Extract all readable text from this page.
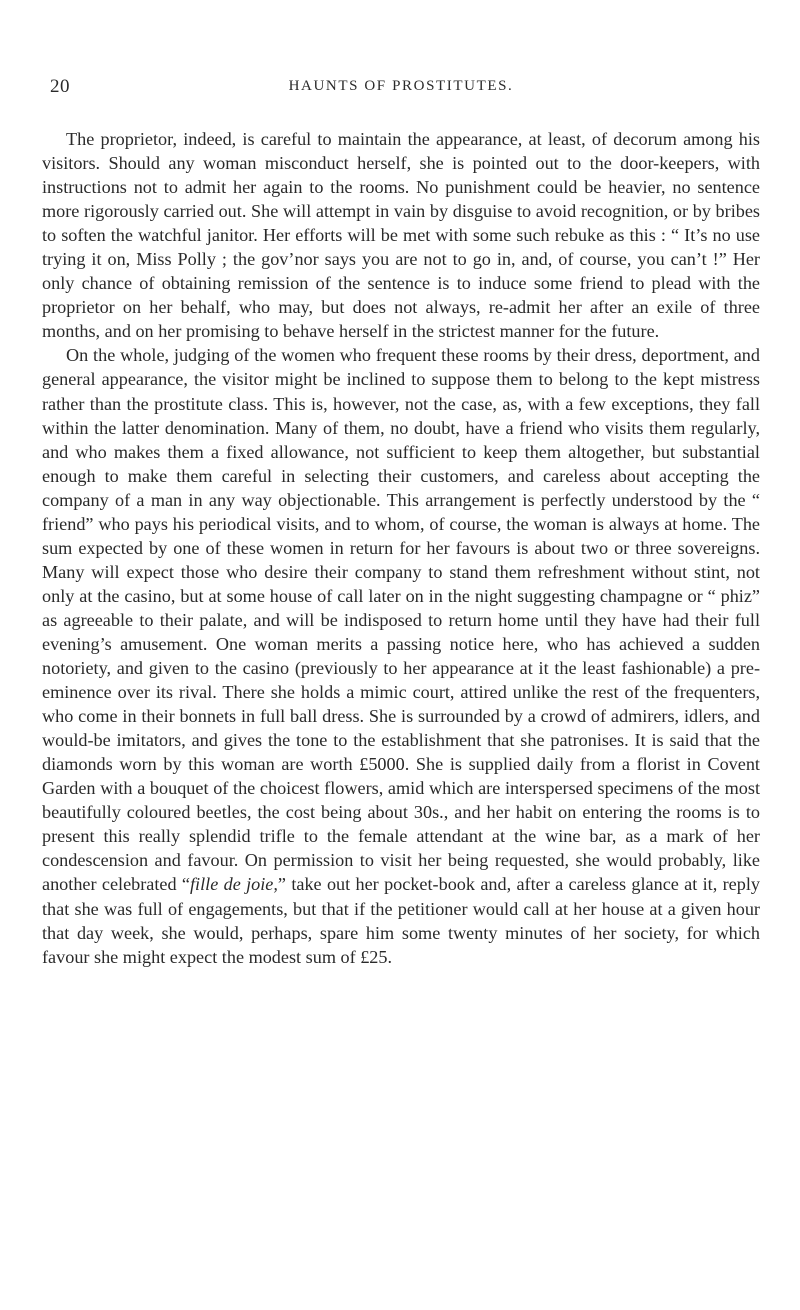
20	HAUNTS OF PROSTITUTES.

The proprietor, indeed, is careful to maintain the appearance, at least, of decorum among his visitors. Should any woman misconduct herself, she is pointed out to the door-keepers, with instructions not to admit her again to the rooms. No punishment could be heavier, no sentence more rigorously carried out. She will attempt in vain by disguise to avoid recognition, or by bribes to soften the watchful janitor. Her efforts will be met with some such rebuke as this : “ It’s no use trying it on, Miss Polly ; the gov’nor says you are not to go in, and, of course, you can’t !” Her only chance of obtaining remission of the sentence is to induce some friend to plead with the proprietor on her behalf, who may, but does not always, re-admit her after an exile of three months, and on her promising to behave herself in the strictest manner for the future.

On the whole, judging of the women who frequent these rooms by their dress, deportment, and general appearance, the visitor might be inclined to suppose them to belong to the kept mistress rather than the prostitute class. This is, however, not the case, as, with a few exceptions, they fall within the latter denomination. Many of them, no doubt, have a friend who visits them regularly, and who makes them a fixed allowance, not sufficient to keep them altogether, but substantial enough to make them careful in selecting their customers, and careless about accepting the company of a man in any way objectionable. This arrangement is perfectly understood by the “ friend” who pays his periodical visits, and to whom, of course, the woman is always at home. The sum expected by one of these women in return for her favours is about two or three sovereigns. Many will expect those who desire their company to stand them refreshment without stint, not only at the casino, but at some house of call later on in the night suggesting champagne or “ phiz” as agreeable to their palate, and will be indisposed to return home until they have had their full evening’s amusement. One woman merits a passing notice here, who has achieved a sudden notoriety, and given to the casino (previously to her appearance at it the least fashionable) a pre-eminence over its rival. There she holds a mimic court, attired unlike the rest of the frequenters, who come in their bonnets in full ball dress. She is surrounded by a crowd of admirers, idlers, and would-be imitators, and gives the tone to the establishment that she patronises. It is said that the diamonds worn by this woman are worth £5000. She is supplied daily from a florist in Covent Garden with a bouquet of the choicest flowers, amid which are interspersed specimens of the most beautifully coloured beetles, the cost being about 30s., and her habit on entering the rooms is to present this really splendid trifle to the female attendant at the wine bar, as a mark of her condescension and favour. On permission to visit her being requested, she would probably, like another celebrated “fille de joie,” take out her pocket-book and, after a careless glance at it, reply that she was full of engagements, but that if the petitioner would call at her house at a given hour that day week, she would, perhaps, spare him some twenty minutes of her society, for which favour she might expect the modest sum of £25.
